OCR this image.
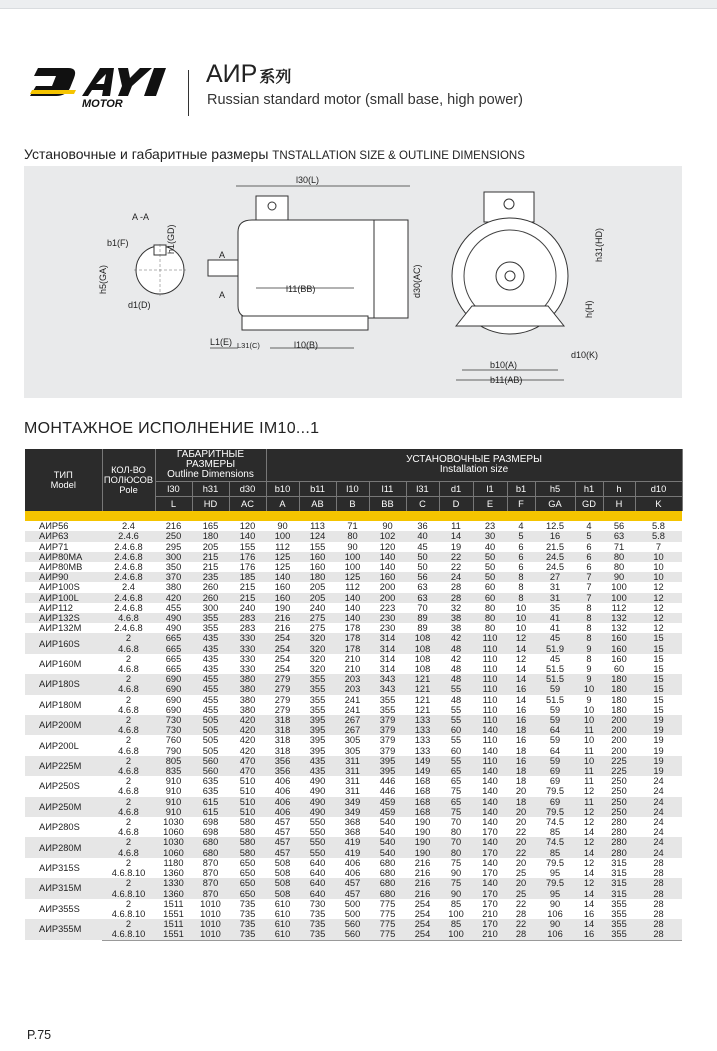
MOTOR
АИР 系列
Russian standard motor (small base, high power)
Установочные и габаритные размеры TNSTALLATION SIZE & OUTLINE DIMENSIONS
A -A
b1(F)	h1(GD)
h5(GA)
d1(D)
l30(L)
A
A
l11(BB)	d30(AC)
L1(E) L31(C)	l10(B)
h31(HD)
h(H)
b10(A)
b11(AB)
d10(K)
МОНТАЖНОЕ ИСПОЛНЕНИЕ IM10...1
ТИП
Model	КОЛ-ВО
ПОЛЮСОВ
Pole	ГАБАРИТНЫЕ РАЗМЕРЫ
Outline Dimensions			УСТАНОВОЧНЫЕ РАЗМЕРЫ
Installation size											
		l30	h31	d30	b10	b11	l10	l11	l31	d1	l1	b1	h5	h1	h	d10
		L	HD	AC	A	AB	B	BB	C	D	E	F	GA	GD	H	K

АИР56	2.4	216	165	120	90	113	71	90	36	11	23	4	12.5	4	56	5.8
АИР63	2.4.6	250	180	140	100	124	80	102	40	14	30	5	16	5	63	5.8
АИР71	2.4.6.8	295	205	155	112	155	90	120	45	19	40	6	21.5	6	71	7
АИР80MA	2.4.6.8	300	215	176	125	160	100	140	50	22	50	6	24.5	6	80	10
АИР80MB	2.4.6.8	350	215	176	125	160	100	140	50	22	50	6	24.5	6	80	10
АИР90	2.4.6.8	370	235	185	140	180	125	160	56	24	50	8	27	7	90	10
АИР100S	2.4	380	260	215	160	205	112	200	63	28	60	8	31	7	100	12
АИР100L	2.4.6.8	420	260	215	160	205	140	200	63	28	60	8	31	7	100	12
АИР112	2.4.6.8	455	300	240	190	240	140	223	70	32	80	10	35	8	112	12
АИР132S	4.6.8	490	355	283	216	275	140	230	89	38	80	10	41	8	132	12
АИР132M	2.4.6.8	490	355	283	216	275	178	230	89	38	80	10	41	8	132	12
АИР160S	2	665	435	330	254	320	178	314	108	42	110	12	45	8	160	15
	4.6.8	665	435	330	254	320	178	314	108	48	110	14	51.9	9	160	15
АИР160M	2	665	435	330	254	320	210	314	108	42	110	12	45	8	160	15
	4.6.8	665	435	330	254	320	210	314	108	48	110	14	51.5	9	60	15
АИР180S	2	690	455	380	279	355	203	343	121	48	110	14	51.5	9	180	15
	4.6.8	690	455	380	279	355	203	343	121	55	110	16	59	10	180	15
АИР180M	2	690	455	380	279	355	241	355	121	48	110	14	51.5	9	180	15
	4.6.8	690	455	380	279	355	241	355	121	55	110	16	59	10	180	15
АИР200M	2	730	505	420	318	395	267	379	133	55	110	16	59	10	200	19
	4.6.8	730	505	420	318	395	267	379	133	60	140	18	64	11	200	19
АИР200L	2	760	505	420	318	395	305	379	133	55	110	16	59	10	200	19
	4.6.8	790	505	420	318	395	305	379	133	60	140	18	64	11	200	19
АИР225M	2	805	560	470	356	435	311	395	149	55	110	16	59	10	225	19
	4.6.8	835	560	470	356	435	311	395	149	65	140	18	69	11	225	19
АИР250S	2	910	635	510	406	490	311	446	168	65	140	18	69	11	250	24
	4.6.8	910	635	510	406	490	311	446	168	75	140	20	79.5	12	250	24
АИР250M	2	910	615	510	406	490	349	459	168	65	140	18	69	11	250	24
	4.6.8	910	615	510	406	490	349	459	168	75	140	20	79.5	12	250	24
АИР280S	2	1030	698	580	457	550	368	540	190	70	140	20	74.5	12	280	24
	4.6.8	1060	698	580	457	550	368	540	190	80	170	22	85	14	280	24
АИР280M	2	1030	680	580	457	550	419	540	190	70	140	20	74.5	12	280	24
	4.6.8	1060	680	580	457	550	419	540	190	80	170	22	85	14	280	24
АИР315S	2	1180	870	650	508	640	406	680	216	75	140	20	79.5	12	315	28
	4.6.8.10	1360	870	650	508	640	406	680	216	90	170	25	95	14	315	28
АИР315M	2	1330	870	650	508	640	457	680	216	75	140	20	79.5	12	315	28
	4.6.8.10	1360	870	650	508	640	457	680	216	90	170	25	95	14	315	28
АИР355S	2	1511	1010	735	610	730	500	775	254	85	170	22	90	14	355	28
	4.6.8.10	1551	1010	735	610	735	500	775	254	100	210	28	106	16	355	28
АИР355M	2	1511	1010	735	610	735	560	775	254	85	170	22	90	14	355	28
	4.6.8.10	1551	1010	735	610	735	560	775	254	100	210	28	106	16	355	28
P.75
